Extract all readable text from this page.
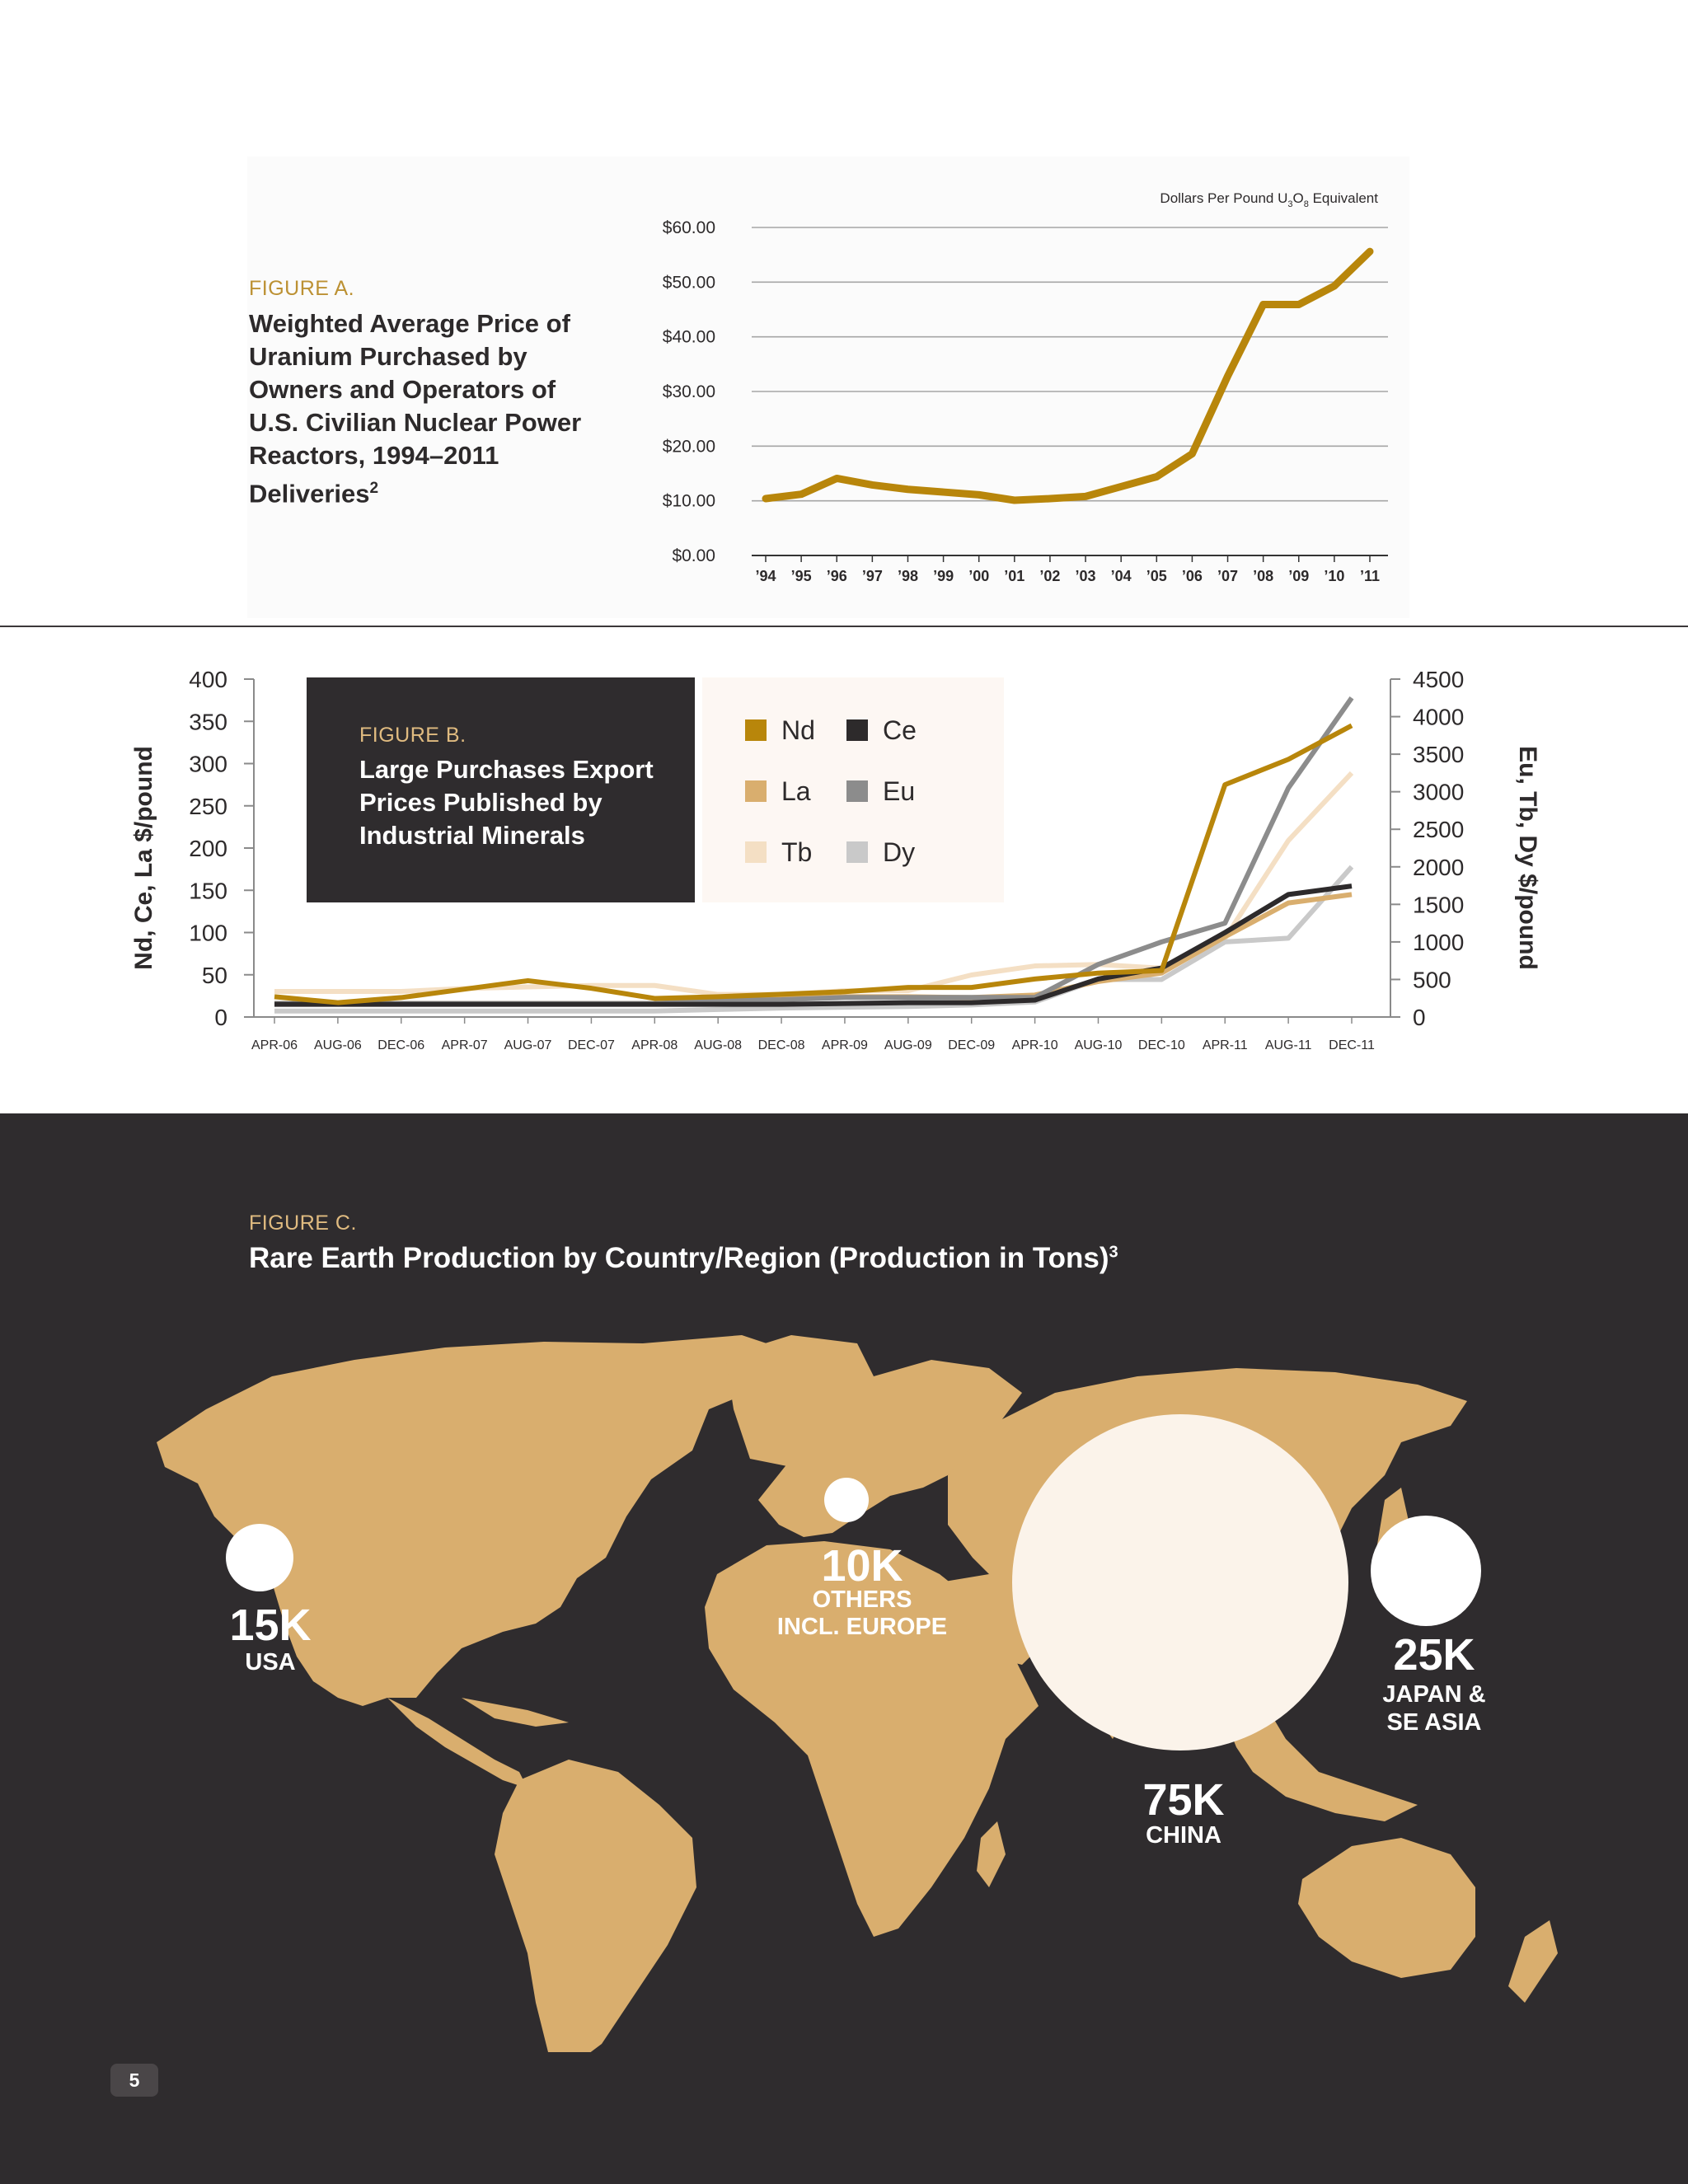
FIGURE A.
Weighted Average Price of Uranium Purchased by Owners and Operators of U.S. Civilian Nuclear Power Reactors, 1994–2011 Deliveries$^2$
Dollars Per Pound $U_3O_8$ Equivalent
$0.00
$10.00
$20.00
$30.00
$40.00
$50.00
$60.00
’94 ’95 ’96 ’97 ’98 ’99 ’00 ’01 ’02 ’03 ’04 ’05 ’06 ’07 ’08 ’09 ’10 ’11
0
50
100
150
200
250
300
350
400
0
500
1000
1500
2000
2500
3000
3500
4000
4500
APR-06 AUG-06 DEC-06 APR-07 AUG-07 DEC-07 APR-08 AUG-08 DEC-08 APR-09 AUG-09 DEC-09 APR-10 AUG-10 DEC-10 APR-11 AUG-11 DEC-11
Nd, Ce, La $/pound	Eu, Tb, Dy $/pound
FIGURE B.
Large Purchases Export Prices Published by Industrial Minerals
Nd	Ce
La	Eu
Tb	Dy
FIGURE C.
Rare Earth Production by Country/Region (Production in Tons)$^3$
15K
USA
10K
OTHERS
INCL. EUROPE
75K
CHINA
25K
JAPAN &
SE ASIA
5
